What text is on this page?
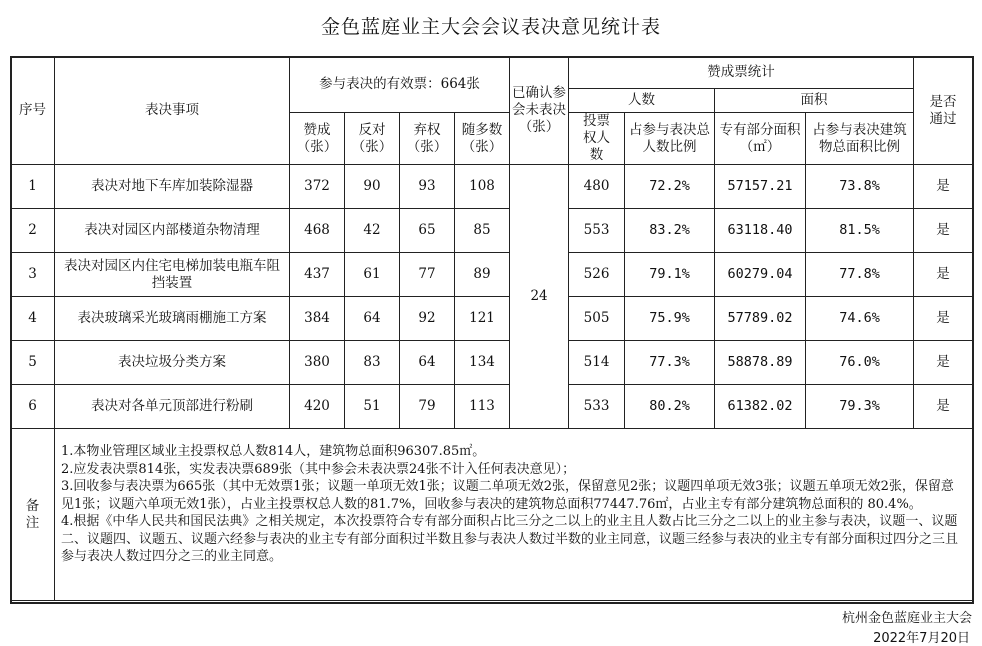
金色蓝庭业主大会会议表决意见统计表
序号	表决事项	参与表决的有效票：664张				已确认参会未表决（张）	赞成票统计				是否通过
							人数		面积		
		赞成（张）	反对（张）	弃权（张）	随多数（张）		投票权人数	占参与表决总人数比例	专有部分面积（㎡）	占参与表决建筑物总面积比例	
1	表决对地下车库加装除湿器	372	90	93	108	24	480	72.2%	57157.21	73.8%	是
2	表决对园区内部楼道杂物清理	468	42	65	85		553	83.2%	63118.40	81.5%	是
3	表决对园区内住宅电梯加装电瓶车阻挡装置	437	61	77	89		526	79.1%	60279.04	77.8%	是
4	表决玻璃采光玻璃雨棚施工方案	384	64	92	121		505	75.9%	57789.02	74.6%	是
5	表决垃圾分类方案	380	83	64	134		514	77.3%	58878.89	76.0%	是
6	表决对各单元顶部进行粉刷	420	51	79	113		533	80.2%	61382.02	79.3%	是
备注	1.本物业管理区域业主投票权总人数814人，建筑物总面积96307.85㎡。
2.应发表决票814张，实发表决票689张（其中参会未表决票24张不计入任何表决意见）；
3.回收参与表决票为665张（其中无效票1张；议题一单项无效1张；议题二单项无效2张，保留意见2张；议题四单项无效3张；议题五单项无效2张，保留意见1张；议题六单项无效1张），占业主投票权总人数的81.7%，回收参与表决的建筑物总面积77447.76㎡，占业主专有部分建筑物总面积的 80.4%。
4.根据《中华人民共和国民法典》之相关规定，本次投票符合专有部分面积占比三分之二以上的业主且人数占比三分之二以上的业主参与表决，议题一、议题二、议题四、议题五、议题六经参与表决的业主专有部分面积过半数且参与表决人数过半数的业主同意，议题三经参与表决的业主专有部分面积过四分之三且参与表决人数过四分之三的业主同意。										
杭州金色蓝庭业主大会
2022年7月20日
